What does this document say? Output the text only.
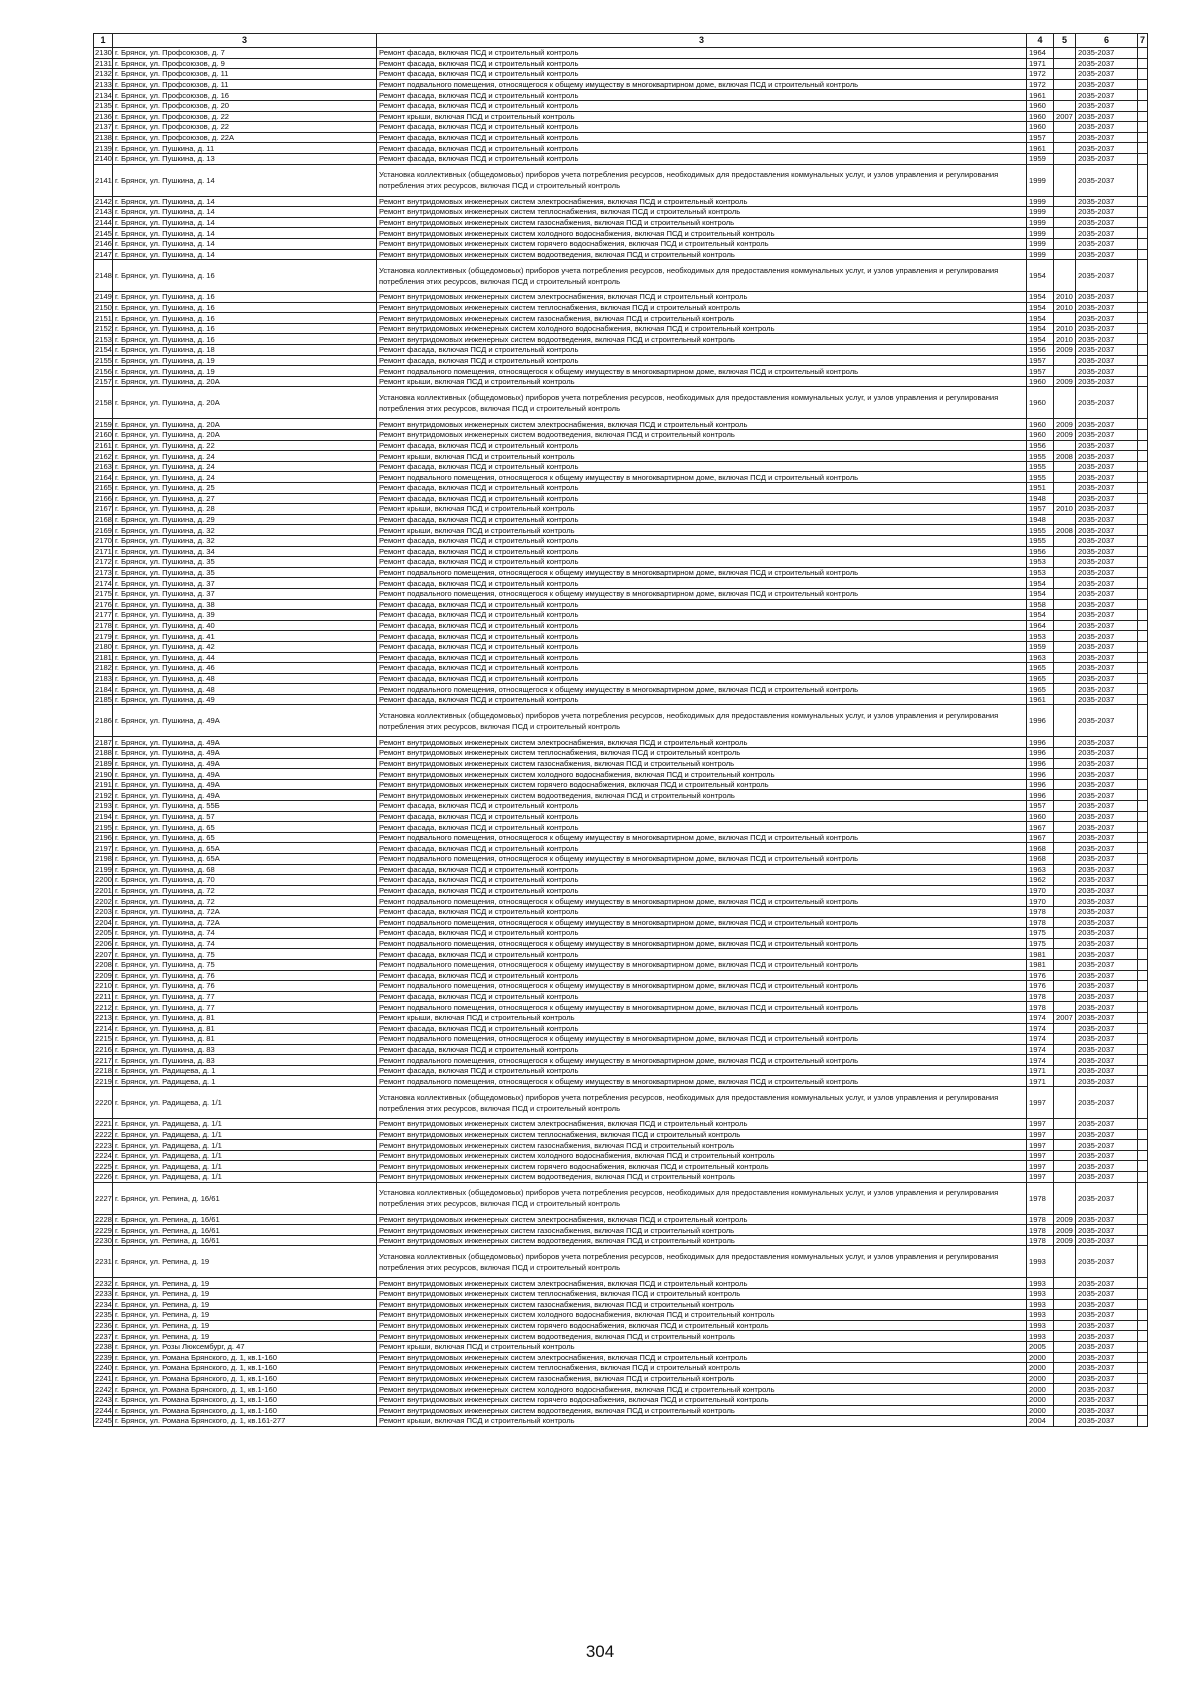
1	3	3	4	5	6	7
2130	г. Брянск, ул. Профсоюзов, д. 7	Ремонт фасада, включая ПСД и строительный контроль	1964		2035-2037	
2131	г. Брянск, ул. Профсоюзов, д. 9	Ремонт фасада, включая ПСД и строительный контроль	1971		2035-2037	
2132	г. Брянск, ул. Профсоюзов, д. 11	Ремонт фасада, включая ПСД и строительный контроль	1972		2035-2037	
2133	г. Брянск, ул. Профсоюзов, д. 11	Ремонт подвального помещения, относящегося к общему имуществу в многоквартирном доме, включая ПСД и строительный контроль	1972		2035-2037	
2134	г. Брянск, ул. Профсоюзов, д. 16	Ремонт фасада, включая ПСД и строительный контроль	1961		2035-2037	
2135	г. Брянск, ул. Профсоюзов, д. 20	Ремонт фасада, включая ПСД и строительный контроль	1960		2035-2037	
2136	г. Брянск, ул. Профсоюзов, д. 22	Ремонт крыши, включая ПСД и строительный контроль	1960	2007	2035-2037	
2137	г. Брянск, ул. Профсоюзов, д. 22	Ремонт фасада, включая ПСД и строительный контроль	1960		2035-2037	
2138	г. Брянск, ул. Профсоюзов, д. 22А	Ремонт фасада, включая ПСД и строительный контроль	1957		2035-2037	
2139	г. Брянск, ул. Пушкина, д. 11	Ремонт фасада, включая ПСД и строительный контроль	1961		2035-2037	
2140	г. Брянск, ул. Пушкина, д. 13	Ремонт фасада, включая ПСД и строительный контроль	1959		2035-2037	
2141	г. Брянск, ул. Пушкина, д. 14	Установка коллективных (общедомовых) приборов учета потребления ресурсов, необходимых для предоставления коммунальных услуг, и узлов управления и регулирования потребления этих ресурсов, включая ПСД и строительный контроль	1999		2035-2037	
2142	г. Брянск, ул. Пушкина, д. 14	Ремонт внутридомовых инженерных систем электроснабжения, включая ПСД и строительный контроль	1999		2035-2037	
2143	г. Брянск, ул. Пушкина, д. 14	Ремонт внутридомовых инженерных систем теплоснабжения, включая ПСД и строительный контроль	1999		2035-2037	
2144	г. Брянск, ул. Пушкина, д. 14	Ремонт внутридомовых инженерных систем газоснабжения, включая ПСД и строительный контроль	1999		2035-2037	
2145	г. Брянск, ул. Пушкина, д. 14	Ремонт внутридомовых инженерных систем холодного водоснабжения, включая ПСД и строительный контроль	1999		2035-2037	
2146	г. Брянск, ул. Пушкина, д. 14	Ремонт внутридомовых инженерных систем горячего водоснабжения, включая ПСД и строительный контроль	1999		2035-2037	
2147	г. Брянск, ул. Пушкина, д. 14	Ремонт внутридомовых инженерных систем водоотведения, включая ПСД и строительный контроль	1999		2035-2037	
2148	г. Брянск, ул. Пушкина, д. 16	Установка коллективных (общедомовых) приборов учета потребления ресурсов, необходимых для предоставления коммунальных услуг, и узлов управления и регулирования потребления этих ресурсов, включая ПСД и строительный контроль	1954		2035-2037	
2149	г. Брянск, ул. Пушкина, д. 16	Ремонт внутридомовых инженерных систем электроснабжения, включая ПСД и строительный контроль	1954	2010	2035-2037	
2150	г. Брянск, ул. Пушкина, д. 16	Ремонт внутридомовых инженерных систем теплоснабжения, включая ПСД и строительный контроль	1954	2010	2035-2037	
2151	г. Брянск, ул. Пушкина, д. 16	Ремонт внутридомовых инженерных систем газоснабжения, включая ПСД и строительный контроль	1954		2035-2037	
2152	г. Брянск, ул. Пушкина, д. 16	Ремонт внутридомовых инженерных систем холодного водоснабжения, включая ПСД и строительный контроль	1954	2010	2035-2037	
2153	г. Брянск, ул. Пушкина, д. 16	Ремонт внутридомовых инженерных систем водоотведения, включая ПСД и строительный контроль	1954	2010	2035-2037	
2154	г. Брянск, ул. Пушкина, д. 18	Ремонт фасада, включая ПСД и строительный контроль	1956	2009	2035-2037	
2155	г. Брянск, ул. Пушкина, д. 19	Ремонт фасада, включая ПСД и строительный контроль	1957		2035-2037	
2156	г. Брянск, ул. Пушкина, д. 19	Ремонт подвального помещения, относящегося к общему имуществу в многоквартирном доме, включая ПСД и строительный контроль	1957		2035-2037	
2157	г. Брянск, ул. Пушкина, д. 20А	Ремонт крыши, включая ПСД и строительный контроль	1960	2009	2035-2037	
2158	г. Брянск, ул. Пушкина, д. 20А	Установка коллективных (общедомовых) приборов учета потребления ресурсов, необходимых для предоставления коммунальных услуг, и узлов управления и регулирования потребления этих ресурсов, включая ПСД и строительный контроль	1960		2035-2037	
2159	г. Брянск, ул. Пушкина, д. 20А	Ремонт внутридомовых инженерных систем электроснабжения, включая ПСД и строительный контроль	1960	2009	2035-2037	
2160	г. Брянск, ул. Пушкина, д. 20А	Ремонт внутридомовых инженерных систем водоотведения, включая ПСД и строительный контроль	1960	2009	2035-2037	
2161	г. Брянск, ул. Пушкина, д. 22	Ремонт фасада, включая ПСД и строительный контроль	1956		2035-2037	
2162	г. Брянск, ул. Пушкина, д. 24	Ремонт крыши, включая ПСД и строительный контроль	1955	2008	2035-2037	
2163	г. Брянск, ул. Пушкина, д. 24	Ремонт фасада, включая ПСД и строительный контроль	1955		2035-2037	
2164	г. Брянск, ул. Пушкина, д. 24	Ремонт подвального помещения, относящегося к общему имуществу в многоквартирном доме, включая ПСД и строительный контроль	1955		2035-2037	
2165	г. Брянск, ул. Пушкина, д. 25	Ремонт фасада, включая ПСД и строительный контроль	1951		2035-2037	
2166	г. Брянск, ул. Пушкина, д. 27	Ремонт фасада, включая ПСД и строительный контроль	1948		2035-2037	
2167	г. Брянск, ул. Пушкина, д. 28	Ремонт крыши, включая ПСД и строительный контроль	1957	2010	2035-2037	
2168	г. Брянск, ул. Пушкина, д. 29	Ремонт фасада, включая ПСД и строительный контроль	1948		2035-2037	
2169	г. Брянск, ул. Пушкина, д. 32	Ремонт крыши, включая ПСД и строительный контроль	1955	2008	2035-2037	
2170	г. Брянск, ул. Пушкина, д. 32	Ремонт фасада, включая ПСД и строительный контроль	1955		2035-2037	
2171	г. Брянск, ул. Пушкина, д. 34	Ремонт фасада, включая ПСД и строительный контроль	1956		2035-2037	
2172	г. Брянск, ул. Пушкина, д. 35	Ремонт фасада, включая ПСД и строительный контроль	1953		2035-2037	
2173	г. Брянск, ул. Пушкина, д. 35	Ремонт подвального помещения, относящегося к общему имуществу в многоквартирном доме, включая ПСД и строительный контроль	1953		2035-2037	
2174	г. Брянск, ул. Пушкина, д. 37	Ремонт фасада, включая ПСД и строительный контроль	1954		2035-2037	
2175	г. Брянск, ул. Пушкина, д. 37	Ремонт подвального помещения, относящегося к общему имуществу в многоквартирном доме, включая ПСД и строительный контроль	1954		2035-2037	
2176	г. Брянск, ул. Пушкина, д. 38	Ремонт фасада, включая ПСД и строительный контроль	1958		2035-2037	
2177	г. Брянск, ул. Пушкина, д. 39	Ремонт фасада, включая ПСД и строительный контроль	1954		2035-2037	
2178	г. Брянск, ул. Пушкина, д. 40	Ремонт фасада, включая ПСД и строительный контроль	1964		2035-2037	
2179	г. Брянск, ул. Пушкина, д. 41	Ремонт фасада, включая ПСД и строительный контроль	1953		2035-2037	
2180	г. Брянск, ул. Пушкина, д. 42	Ремонт фасада, включая ПСД и строительный контроль	1959		2035-2037	
2181	г. Брянск, ул. Пушкина, д. 44	Ремонт фасада, включая ПСД и строительный контроль	1963		2035-2037	
2182	г. Брянск, ул. Пушкина, д. 46	Ремонт фасада, включая ПСД и строительный контроль	1965		2035-2037	
2183	г. Брянск, ул. Пушкина, д. 48	Ремонт фасада, включая ПСД и строительный контроль	1965		2035-2037	
2184	г. Брянск, ул. Пушкина, д. 48	Ремонт подвального помещения, относящегося к общему имуществу в многоквартирном доме, включая ПСД и строительный контроль	1965		2035-2037	
2185	г. Брянск, ул. Пушкина, д. 49	Ремонт фасада, включая ПСД и строительный контроль	1961		2035-2037	
2186	г. Брянск, ул. Пушкина, д. 49А	Установка коллективных (общедомовых) приборов учета потребления ресурсов, необходимых для предоставления коммунальных услуг, и узлов управления и регулирования потребления этих ресурсов, включая ПСД и строительный контроль	1996		2035-2037	
2187	г. Брянск, ул. Пушкина, д. 49А	Ремонт внутридомовых инженерных систем электроснабжения, включая ПСД и строительный контроль	1996		2035-2037	
2188	г. Брянск, ул. Пушкина, д. 49А	Ремонт внутридомовых инженерных систем теплоснабжения, включая ПСД и строительный контроль	1996		2035-2037	
2189	г. Брянск, ул. Пушкина, д. 49А	Ремонт внутридомовых инженерных систем газоснабжения, включая ПСД и строительный контроль	1996		2035-2037	
2190	г. Брянск, ул. Пушкина, д. 49А	Ремонт внутридомовых инженерных систем холодного водоснабжения, включая ПСД и строительный контроль	1996		2035-2037	
2191	г. Брянск, ул. Пушкина, д. 49А	Ремонт внутридомовых инженерных систем горячего водоснабжения, включая ПСД и строительный контроль	1996		2035-2037	
2192	г. Брянск, ул. Пушкина, д. 49А	Ремонт внутридомовых инженерных систем водоотведения, включая ПСД и строительный контроль	1996		2035-2037	
2193	г. Брянск, ул. Пушкина, д. 55Б	Ремонт фасада, включая ПСД и строительный контроль	1957		2035-2037	
2194	г. Брянск, ул. Пушкина, д. 57	Ремонт фасада, включая ПСД и строительный контроль	1960		2035-2037	
2195	г. Брянск, ул. Пушкина, д. 65	Ремонт фасада, включая ПСД и строительный контроль	1967		2035-2037	
2196	г. Брянск, ул. Пушкина, д. 65	Ремонт подвального помещения, относящегося к общему имуществу в многоквартирном доме, включая ПСД и строительный контроль	1967		2035-2037	
2197	г. Брянск, ул. Пушкина, д. 65А	Ремонт фасада, включая ПСД и строительный контроль	1968		2035-2037	
2198	г. Брянск, ул. Пушкина, д. 65А	Ремонт подвального помещения, относящегося к общему имуществу в многоквартирном доме, включая ПСД и строительный контроль	1968		2035-2037	
2199	г. Брянск, ул. Пушкина, д. 68	Ремонт фасада, включая ПСД и строительный контроль	1963		2035-2037	
2200	г. Брянск, ул. Пушкина, д. 70	Ремонт фасада, включая ПСД и строительный контроль	1962		2035-2037	
2201	г. Брянск, ул. Пушкина, д. 72	Ремонт фасада, включая ПСД и строительный контроль	1970		2035-2037	
2202	г. Брянск, ул. Пушкина, д. 72	Ремонт подвального помещения, относящегося к общему имуществу в многоквартирном доме, включая ПСД и строительный контроль	1970		2035-2037	
2203	г. Брянск, ул. Пушкина, д. 72А	Ремонт фасада, включая ПСД и строительный контроль	1978		2035-2037	
2204	г. Брянск, ул. Пушкина, д. 72А	Ремонт подвального помещения, относящегося к общему имуществу в многоквартирном доме, включая ПСД и строительный контроль	1978		2035-2037	
2205	г. Брянск, ул. Пушкина, д. 74	Ремонт фасада, включая ПСД и строительный контроль	1975		2035-2037	
2206	г. Брянск, ул. Пушкина, д. 74	Ремонт подвального помещения, относящегося к общему имуществу в многоквартирном доме, включая ПСД и строительный контроль	1975		2035-2037	
2207	г. Брянск, ул. Пушкина, д. 75	Ремонт фасада, включая ПСД и строительный контроль	1981		2035-2037	
2208	г. Брянск, ул. Пушкина, д. 75	Ремонт подвального помещения, относящегося к общему имуществу в многоквартирном доме, включая ПСД и строительный контроль	1981		2035-2037	
2209	г. Брянск, ул. Пушкина, д. 76	Ремонт фасада, включая ПСД и строительный контроль	1976		2035-2037	
2210	г. Брянск, ул. Пушкина, д. 76	Ремонт подвального помещения, относящегося к общему имуществу в многоквартирном доме, включая ПСД и строительный контроль	1976		2035-2037	
2211	г. Брянск, ул. Пушкина, д. 77	Ремонт фасада, включая ПСД и строительный контроль	1978		2035-2037	
2212	г. Брянск, ул. Пушкина, д. 77	Ремонт подвального помещения, относящегося к общему имуществу в многоквартирном доме, включая ПСД и строительный контроль	1978		2035-2037	
2213	г. Брянск, ул. Пушкина, д. 81	Ремонт крыши, включая ПСД и строительный контроль	1974	2007	2035-2037	
2214	г. Брянск, ул. Пушкина, д. 81	Ремонт фасада, включая ПСД и строительный контроль	1974		2035-2037	
2215	г. Брянск, ул. Пушкина, д. 81	Ремонт подвального помещения, относящегося к общему имуществу в многоквартирном доме, включая ПСД и строительный контроль	1974		2035-2037	
2216	г. Брянск, ул. Пушкина, д. 83	Ремонт фасада, включая ПСД и строительный контроль	1974		2035-2037	
2217	г. Брянск, ул. Пушкина, д. 83	Ремонт подвального помещения, относящегося к общему имуществу в многоквартирном доме, включая ПСД и строительный контроль	1974		2035-2037	
2218	г. Брянск, ул. Радищева, д. 1	Ремонт фасада, включая ПСД и строительный контроль	1971		2035-2037	
2219	г. Брянск, ул. Радищева, д. 1	Ремонт подвального помещения, относящегося к общему имуществу в многоквартирном доме, включая ПСД и строительный контроль	1971		2035-2037	
2220	г. Брянск, ул. Радищева, д. 1/1	Установка коллективных (общедомовых) приборов учета потребления ресурсов, необходимых для предоставления коммунальных услуг, и узлов управления и регулирования потребления этих ресурсов, включая ПСД и строительный контроль	1997		2035-2037	
2221	г. Брянск, ул. Радищева, д. 1/1	Ремонт внутридомовых инженерных систем электроснабжения, включая ПСД и строительный контроль	1997		2035-2037	
2222	г. Брянск, ул. Радищева, д. 1/1	Ремонт внутридомовых инженерных систем теплоснабжения, включая ПСД и строительный контроль	1997		2035-2037	
2223	г. Брянск, ул. Радищева, д. 1/1	Ремонт внутридомовых инженерных систем газоснабжения, включая ПСД и строительный контроль	1997		2035-2037	
2224	г. Брянск, ул. Радищева, д. 1/1	Ремонт внутридомовых инженерных систем холодного водоснабжения, включая ПСД и строительный контроль	1997		2035-2037	
2225	г. Брянск, ул. Радищева, д. 1/1	Ремонт внутридомовых инженерных систем горячего водоснабжения, включая ПСД и строительный контроль	1997		2035-2037	
2226	г. Брянск, ул. Радищева, д. 1/1	Ремонт внутридомовых инженерных систем водоотведения, включая ПСД и строительный контроль	1997		2035-2037	
2227	г. Брянск, ул. Репина, д. 16/61	Установка коллективных (общедомовых) приборов учета потребления ресурсов, необходимых для предоставления коммунальных услуг, и узлов управления и регулирования потребления этих ресурсов, включая ПСД и строительный контроль	1978		2035-2037	
2228	г. Брянск, ул. Репина, д. 16/61	Ремонт внутридомовых инженерных систем электроснабжения, включая ПСД и строительный контроль	1978	2009	2035-2037	
2229	г. Брянск, ул. Репина, д. 16/61	Ремонт внутридомовых инженерных систем газоснабжения, включая ПСД и строительный контроль	1978	2009	2035-2037	
2230	г. Брянск, ул. Репина, д. 16/61	Ремонт внутридомовых инженерных систем водоотведения, включая ПСД и строительный контроль	1978	2009	2035-2037	
2231	г. Брянск, ул. Репина, д. 19	Установка коллективных (общедомовых) приборов учета потребления ресурсов, необходимых для предоставления коммунальных услуг, и узлов управления и регулирования потребления этих ресурсов, включая ПСД и строительный контроль	1993		2035-2037	
2232	г. Брянск, ул. Репина, д. 19	Ремонт внутридомовых инженерных систем электроснабжения, включая ПСД и строительный контроль	1993		2035-2037	
2233	г. Брянск, ул. Репина, д. 19	Ремонт внутридомовых инженерных систем теплоснабжения, включая ПСД и строительный контроль	1993		2035-2037	
2234	г. Брянск, ул. Репина, д. 19	Ремонт внутридомовых инженерных систем газоснабжения, включая ПСД и строительный контроль	1993		2035-2037	
2235	г. Брянск, ул. Репина, д. 19	Ремонт внутридомовых инженерных систем холодного водоснабжения, включая ПСД и строительный контроль	1993		2035-2037	
2236	г. Брянск, ул. Репина, д. 19	Ремонт внутридомовых инженерных систем горячего водоснабжения, включая ПСД и строительный контроль	1993		2035-2037	
2237	г. Брянск, ул. Репина, д. 19	Ремонт внутридомовых инженерных систем водоотведения, включая ПСД и строительный контроль	1993		2035-2037	
2238	г. Брянск, ул. Розы Люксембург, д. 47	Ремонт крыши, включая ПСД и строительный контроль	2005		2035-2037	
2239	г. Брянск, ул. Романа Брянского, д. 1, кв.1-160	Ремонт внутридомовых инженерных систем электроснабжения, включая ПСД и строительный контроль	2000		2035-2037	
2240	г. Брянск, ул. Романа Брянского, д. 1, кв.1-160	Ремонт внутридомовых инженерных систем теплоснабжения, включая ПСД и строительный контроль	2000		2035-2037	
2241	г. Брянск, ул. Романа Брянского, д. 1, кв.1-160	Ремонт внутридомовых инженерных систем газоснабжения, включая ПСД и строительный контроль	2000		2035-2037	
2242	г. Брянск, ул. Романа Брянского, д. 1, кв.1-160	Ремонт внутридомовых инженерных систем холодного водоснабжения, включая ПСД и строительный контроль	2000		2035-2037	
2243	г. Брянск, ул. Романа Брянского, д. 1, кв.1-160	Ремонт внутридомовых инженерных систем горячего водоснабжения, включая ПСД и строительный контроль	2000		2035-2037	
2244	г. Брянск, ул. Романа Брянского, д. 1, кв.1-160	Ремонт внутридомовых инженерных систем водоотведения, включая ПСД и строительный контроль	2000		2035-2037	
2245	г. Брянск, ул. Романа Брянского, д. 1, кв.161-277	Ремонт крыши, включая ПСД и строительный контроль	2004		2035-2037	
304
